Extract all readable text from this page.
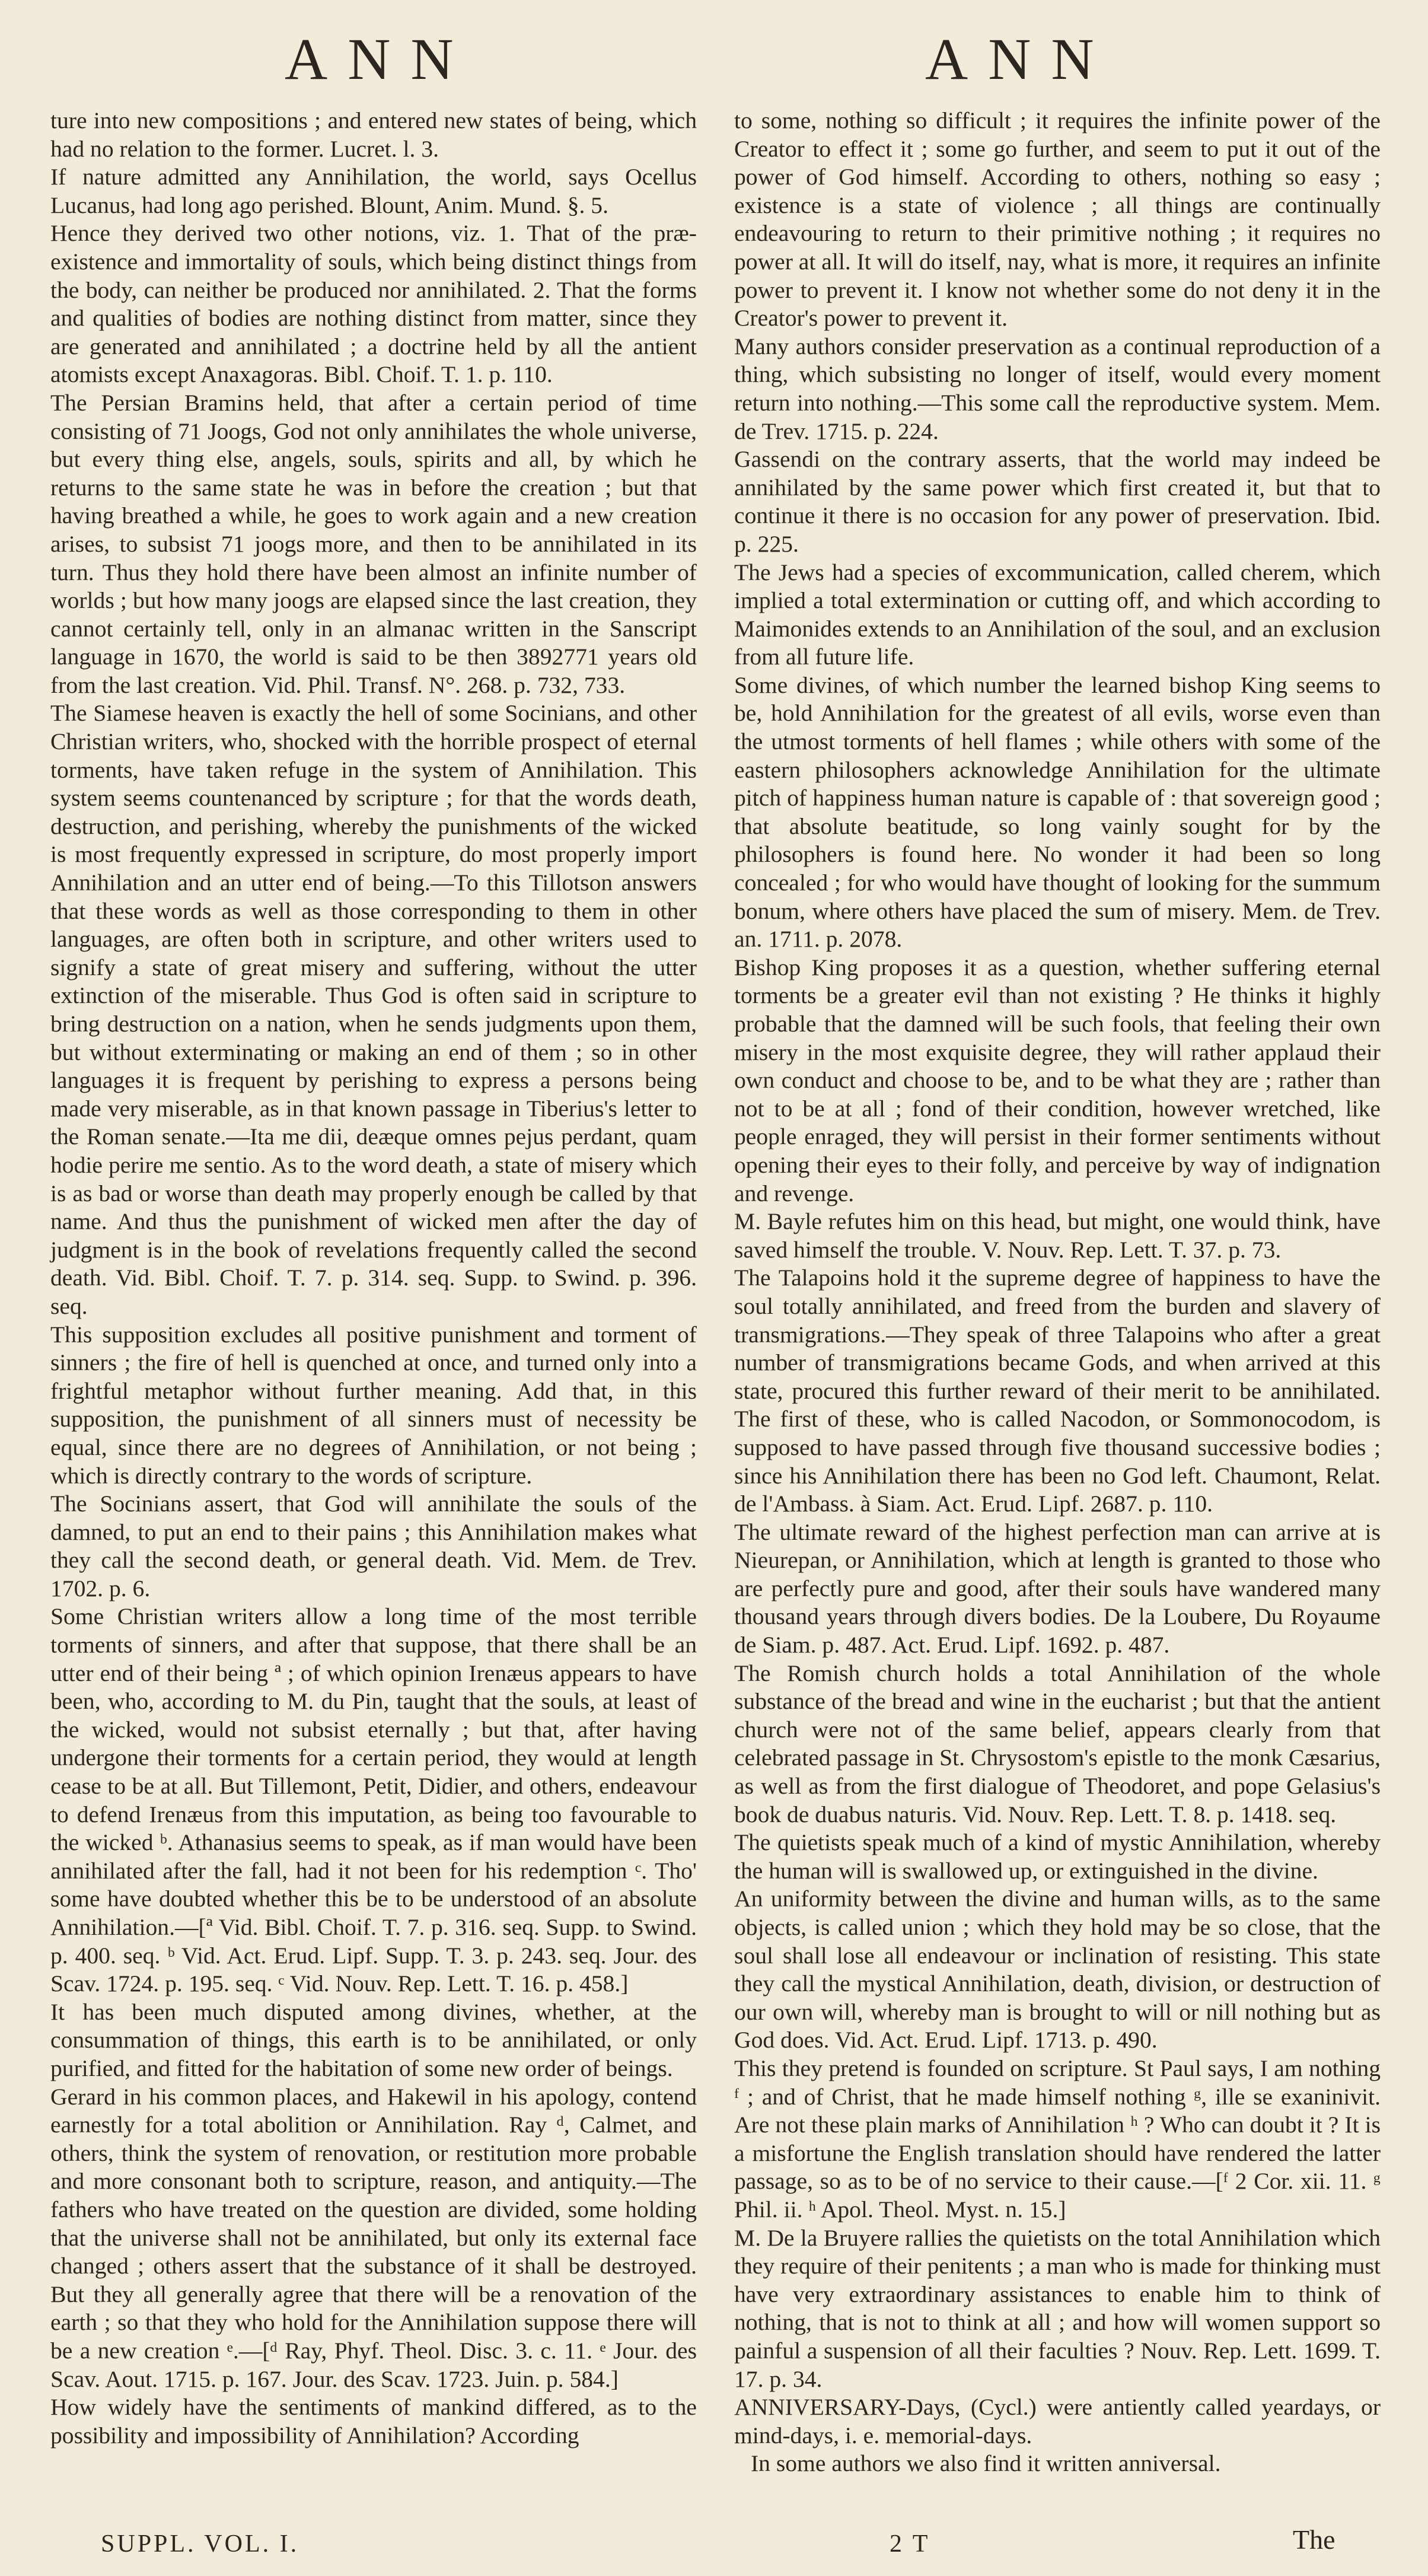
ANN	ANN

ture into new compositions ; and entered new states of being, which had no relation to the former. Lucret. l. 3.

If nature admitted any Annihilation, the world, says Ocellus Lucanus, had long ago perished. Blount, Anim. Mund. §. 5.

Hence they derived two other notions, viz. 1. That of the præ-existence and immortality of souls, which being distinct things from the body, can neither be produced nor annihilated. 2. That the forms and qualities of bodies are nothing distinct from matter, since they are generated and annihilated ; a doctrine held by all the antient atomists except Anaxagoras. Bibl. Choif. T. 1. p. 110.

The Persian Bramins held, that after a certain period of time consisting of 71 Joogs, God not only annihilates the whole universe, but every thing else, angels, souls, spirits and all, by which he returns to the same state he was in before the creation ; but that having breathed a while, he goes to work again and a new creation arises, to subsist 71 joogs more, and then to be annihilated in its turn. Thus they hold there have been almost an infinite number of worlds ; but how many joogs are elapsed since the last creation, they cannot certainly tell, only in an almanac written in the Sanscript language in 1670, the world is said to be then 3892771 years old from the last creation. Vid. Phil. Transf. N°. 268. p. 732, 733.

The Siamese heaven is exactly the hell of some Socinians, and other Christian writers, who, shocked with the horrible prospect of eternal torments, have taken refuge in the system of Annihilation. This system seems countenanced by scripture ; for that the words death, destruction, and perishing, whereby the punishments of the wicked is most frequently expressed in scripture, do most properly import Annihilation and an utter end of being.—To this Tillotson answers that these words as well as those corresponding to them in other languages, are often both in scripture, and other writers used to signify a state of great misery and suffering, without the utter extinction of the miserable. Thus God is often said in scripture to bring destruction on a nation, when he sends judgments upon them, but without exterminating or making an end of them ; so in other languages it is frequent by perishing to express a persons being made very miserable, as in that known passage in Tiberius's letter to the Roman senate.—Ita me dii, deæque omnes pejus perdant, quam hodie perire me sentio. As to the word death, a state of misery which is as bad or worse than death may properly enough be called by that name. And thus the punishment of wicked men after the day of judgment is in the book of revelations frequently called the second death. Vid. Bibl. Choif. T. 7. p. 314. seq. Supp. to Swind. p. 396. seq.

This supposition excludes all positive punishment and torment of sinners ; the fire of hell is quenched at once, and turned only into a frightful metaphor without further meaning. Add that, in this supposition, the punishment of all sinners must of necessity be equal, since there are no degrees of Annihilation, or not being ; which is directly contrary to the words of scripture.

The Socinians assert, that God will annihilate the souls of the damned, to put an end to their pains ; this Annihilation makes what they call the second death, or general death. Vid. Mem. de Trev. 1702. p. 6.

Some Christian writers allow a long time of the most terrible torments of sinners, and after that suppose, that there shall be an utter end of their being ª ; of which opinion Irenæus appears to have been, who, according to M. du Pin, taught that the souls, at least of the wicked, would not subsist eternally ; but that, after having undergone their torments for a certain period, they would at length cease to be at all. But Tillemont, Petit, Didier, and others, endeavour to defend Irenæus from this imputation, as being too favourable to the wicked ᵇ. Athanasius seems to speak, as if man would have been annihilated after the fall, had it not been for his redemption ᶜ. Tho' some have doubted whether this be to be understood of an absolute Annihilation.—[ª Vid. Bibl. Choif. T. 7. p. 316. seq. Supp. to Swind. p. 400. seq. ᵇ Vid. Act. Erud. Lipf. Supp. T. 3. p. 243. seq. Jour. des Scav. 1724. p. 195. seq. ᶜ Vid. Nouv. Rep. Lett. T. 16. p. 458.]

It has been much disputed among divines, whether, at the consummation of things, this earth is to be annihilated, or only purified, and fitted for the habitation of some new order of beings.

Gerard in his common places, and Hakewil in his apology, contend earnestly for a total abolition or Annihilation. Ray ᵈ, Calmet, and others, think the system of renovation, or restitution more probable and more consonant both to scripture, reason, and antiquity.—The fathers who have treated on the question are divided, some holding that the universe shall not be annihilated, but only its external face changed ; others assert that the substance of it shall be destroyed. But they all generally agree that there will be a renovation of the earth ; so that they who hold for the Annihilation suppose there will be a new creation ᵉ.—[ᵈ Ray, Phyf. Theol. Disc. 3. c. 11. ᵉ Jour. des Scav. Aout. 1715. p. 167. Jour. des Scav. 1723. Juin. p. 584.]

How widely have the sentiments of mankind differed, as to the possibility and impossibility of Annihilation? According

to some, nothing so difficult ; it requires the infinite power of the Creator to effect it ; some go further, and seem to put it out of the power of God himself. According to others, nothing so easy ; existence is a state of violence ; all things are continually endeavouring to return to their primitive nothing ; it requires no power at all. It will do itself, nay, what is more, it requires an infinite power to prevent it. I know not whether some do not deny it in the Creator's power to prevent it.

Many authors consider preservation as a continual reproduction of a thing, which subsisting no longer of itself, would every moment return into nothing.—This some call the reproductive system. Mem. de Trev. 1715. p. 224.

Gassendi on the contrary asserts, that the world may indeed be annihilated by the same power which first created it, but that to continue it there is no occasion for any power of preservation. Ibid. p. 225.

The Jews had a species of excommunication, called cherem, which implied a total extermination or cutting off, and which according to Maimonides extends to an Annihilation of the soul, and an exclusion from all future life.

Some divines, of which number the learned bishop King seems to be, hold Annihilation for the greatest of all evils, worse even than the utmost torments of hell flames ; while others with some of the eastern philosophers acknowledge Annihilation for the ultimate pitch of happiness human nature is capable of : that sovereign good ; that absolute beatitude, so long vainly sought for by the philosophers is found here. No wonder it had been so long concealed ; for who would have thought of looking for the summum bonum, where others have placed the sum of misery. Mem. de Trev. an. 1711. p. 2078.

Bishop King proposes it as a question, whether suffering eternal torments be a greater evil than not existing ? He thinks it highly probable that the damned will be such fools, that feeling their own misery in the most exquisite degree, they will rather applaud their own conduct and choose to be, and to be what they are ; rather than not to be at all ; fond of their condition, however wretched, like people enraged, they will persist in their former sentiments without opening their eyes to their folly, and perceive by way of indignation and revenge.

M. Bayle refutes him on this head, but might, one would think, have saved himself the trouble. V. Nouv. Rep. Lett. T. 37. p. 73.

The Talapoins hold it the supreme degree of happiness to have the soul totally annihilated, and freed from the burden and slavery of transmigrations.—They speak of three Talapoins who after a great number of transmigrations became Gods, and when arrived at this state, procured this further reward of their merit to be annihilated. The first of these, who is called Nacodon, or Sommonocodom, is supposed to have passed through five thousand successive bodies ; since his Annihilation there has been no God left. Chaumont, Relat. de l'Ambass. à Siam. Act. Erud. Lipf. 2687. p. 110.

The ultimate reward of the highest perfection man can arrive at is Nieurepan, or Annihilation, which at length is granted to those who are perfectly pure and good, after their souls have wandered many thousand years through divers bodies. De la Loubere, Du Royaume de Siam. p. 487. Act. Erud. Lipf. 1692. p. 487.

The Romish church holds a total Annihilation of the whole substance of the bread and wine in the eucharist ; but that the antient church were not of the same belief, appears clearly from that celebrated passage in St. Chrysostom's epistle to the monk Cæsarius, as well as from the first dialogue of Theodoret, and pope Gelasius's book de duabus naturis. Vid. Nouv. Rep. Lett. T. 8. p. 1418. seq.

The quietists speak much of a kind of mystic Annihilation, whereby the human will is swallowed up, or extinguished in the divine.

An uniformity between the divine and human wills, as to the same objects, is called union ; which they hold may be so close, that the soul shall lose all endeavour or inclination of resisting. This state they call the mystical Annihilation, death, division, or destruction of our own will, whereby man is brought to will or nill nothing but as God does. Vid. Act. Erud. Lipf. 1713. p. 490.

This they pretend is founded on scripture. St Paul says, I am nothing ᶠ ; and of Christ, that he made himself nothing ᵍ, ille se exaninivit. Are not these plain marks of Annihilation ʰ ? Who can doubt it ? It is a misfortune the English translation should have rendered the latter passage, so as to be of no service to their cause.—[ᶠ 2 Cor. xii. 11. ᵍ Phil. ii. ʰ Apol. Theol. Myst. n. 15.]

M. De la Bruyere rallies the quietists on the total Annihilation which they require of their penitents ; a man who is made for thinking must have very extraordinary assistances to enable him to think of nothing, that is not to think at all ; and how will women support so painful a suspension of all their faculties ? Nouv. Rep. Lett. 1699. T. 17. p. 34.

ANNIVERSARY-Days, (Cycl.) were antiently called yeardays, or mind-days, i. e. memorial-days.

In some authors we also find it written anniversal.

SUPPL. VOL. I.	2 T	The
